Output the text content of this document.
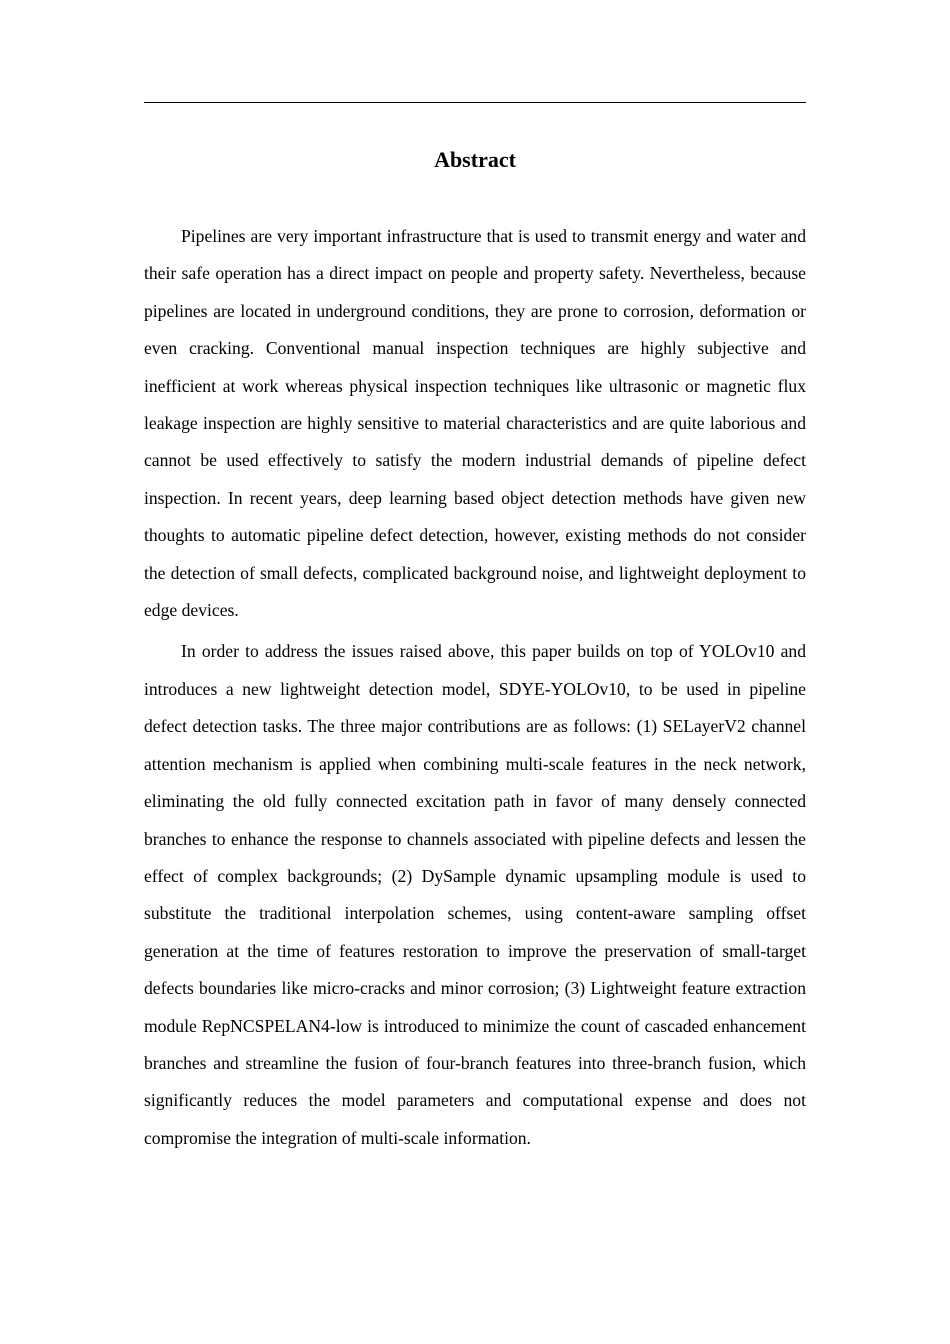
Abstract

Pipelines are very important infrastructure that is used to transmit energy and water and their safe operation has a direct impact on people and property safety. Nevertheless, because pipelines are located in underground conditions, they are prone to corrosion, deformation or even cracking. Conventional manual inspection techniques are highly subjective and inefficient at work whereas physical inspection techniques like ultrasonic or magnetic flux leakage inspection are highly sensitive to material characteristics and are quite laborious and cannot be used effectively to satisfy the modern industrial demands of pipeline defect inspection. In recent years, deep learning based object detection methods have given new thoughts to automatic pipeline defect detection, however, existing methods do not consider the detection of small defects, complicated background noise, and lightweight deployment to edge devices.

In order to address the issues raised above, this paper builds on top of YOLOv10 and introduces a new lightweight detection model, SDYE-YOLOv10, to be used in pipeline defect detection tasks. The three major contributions are as follows: (1) SELayerV2 channel attention mechanism is applied when combining multi-scale features in the neck network, eliminating the old fully connected excitation path in favor of many densely connected branches to enhance the response to channels associated with pipeline defects and lessen the effect of complex backgrounds; (2) DySample dynamic upsampling module is used to substitute the traditional interpolation schemes, using content-aware sampling offset generation at the time of features restoration to improve the preservation of small-target defects boundaries like micro-cracks and minor corrosion; (3) Lightweight feature extraction module RepNCSPELAN4-low is introduced to minimize the count of cascaded enhancement branches and streamline the fusion of four-branch features into three-branch fusion, which significantly reduces the model parameters and computational expense and does not compromise the integration of multi-scale information.
